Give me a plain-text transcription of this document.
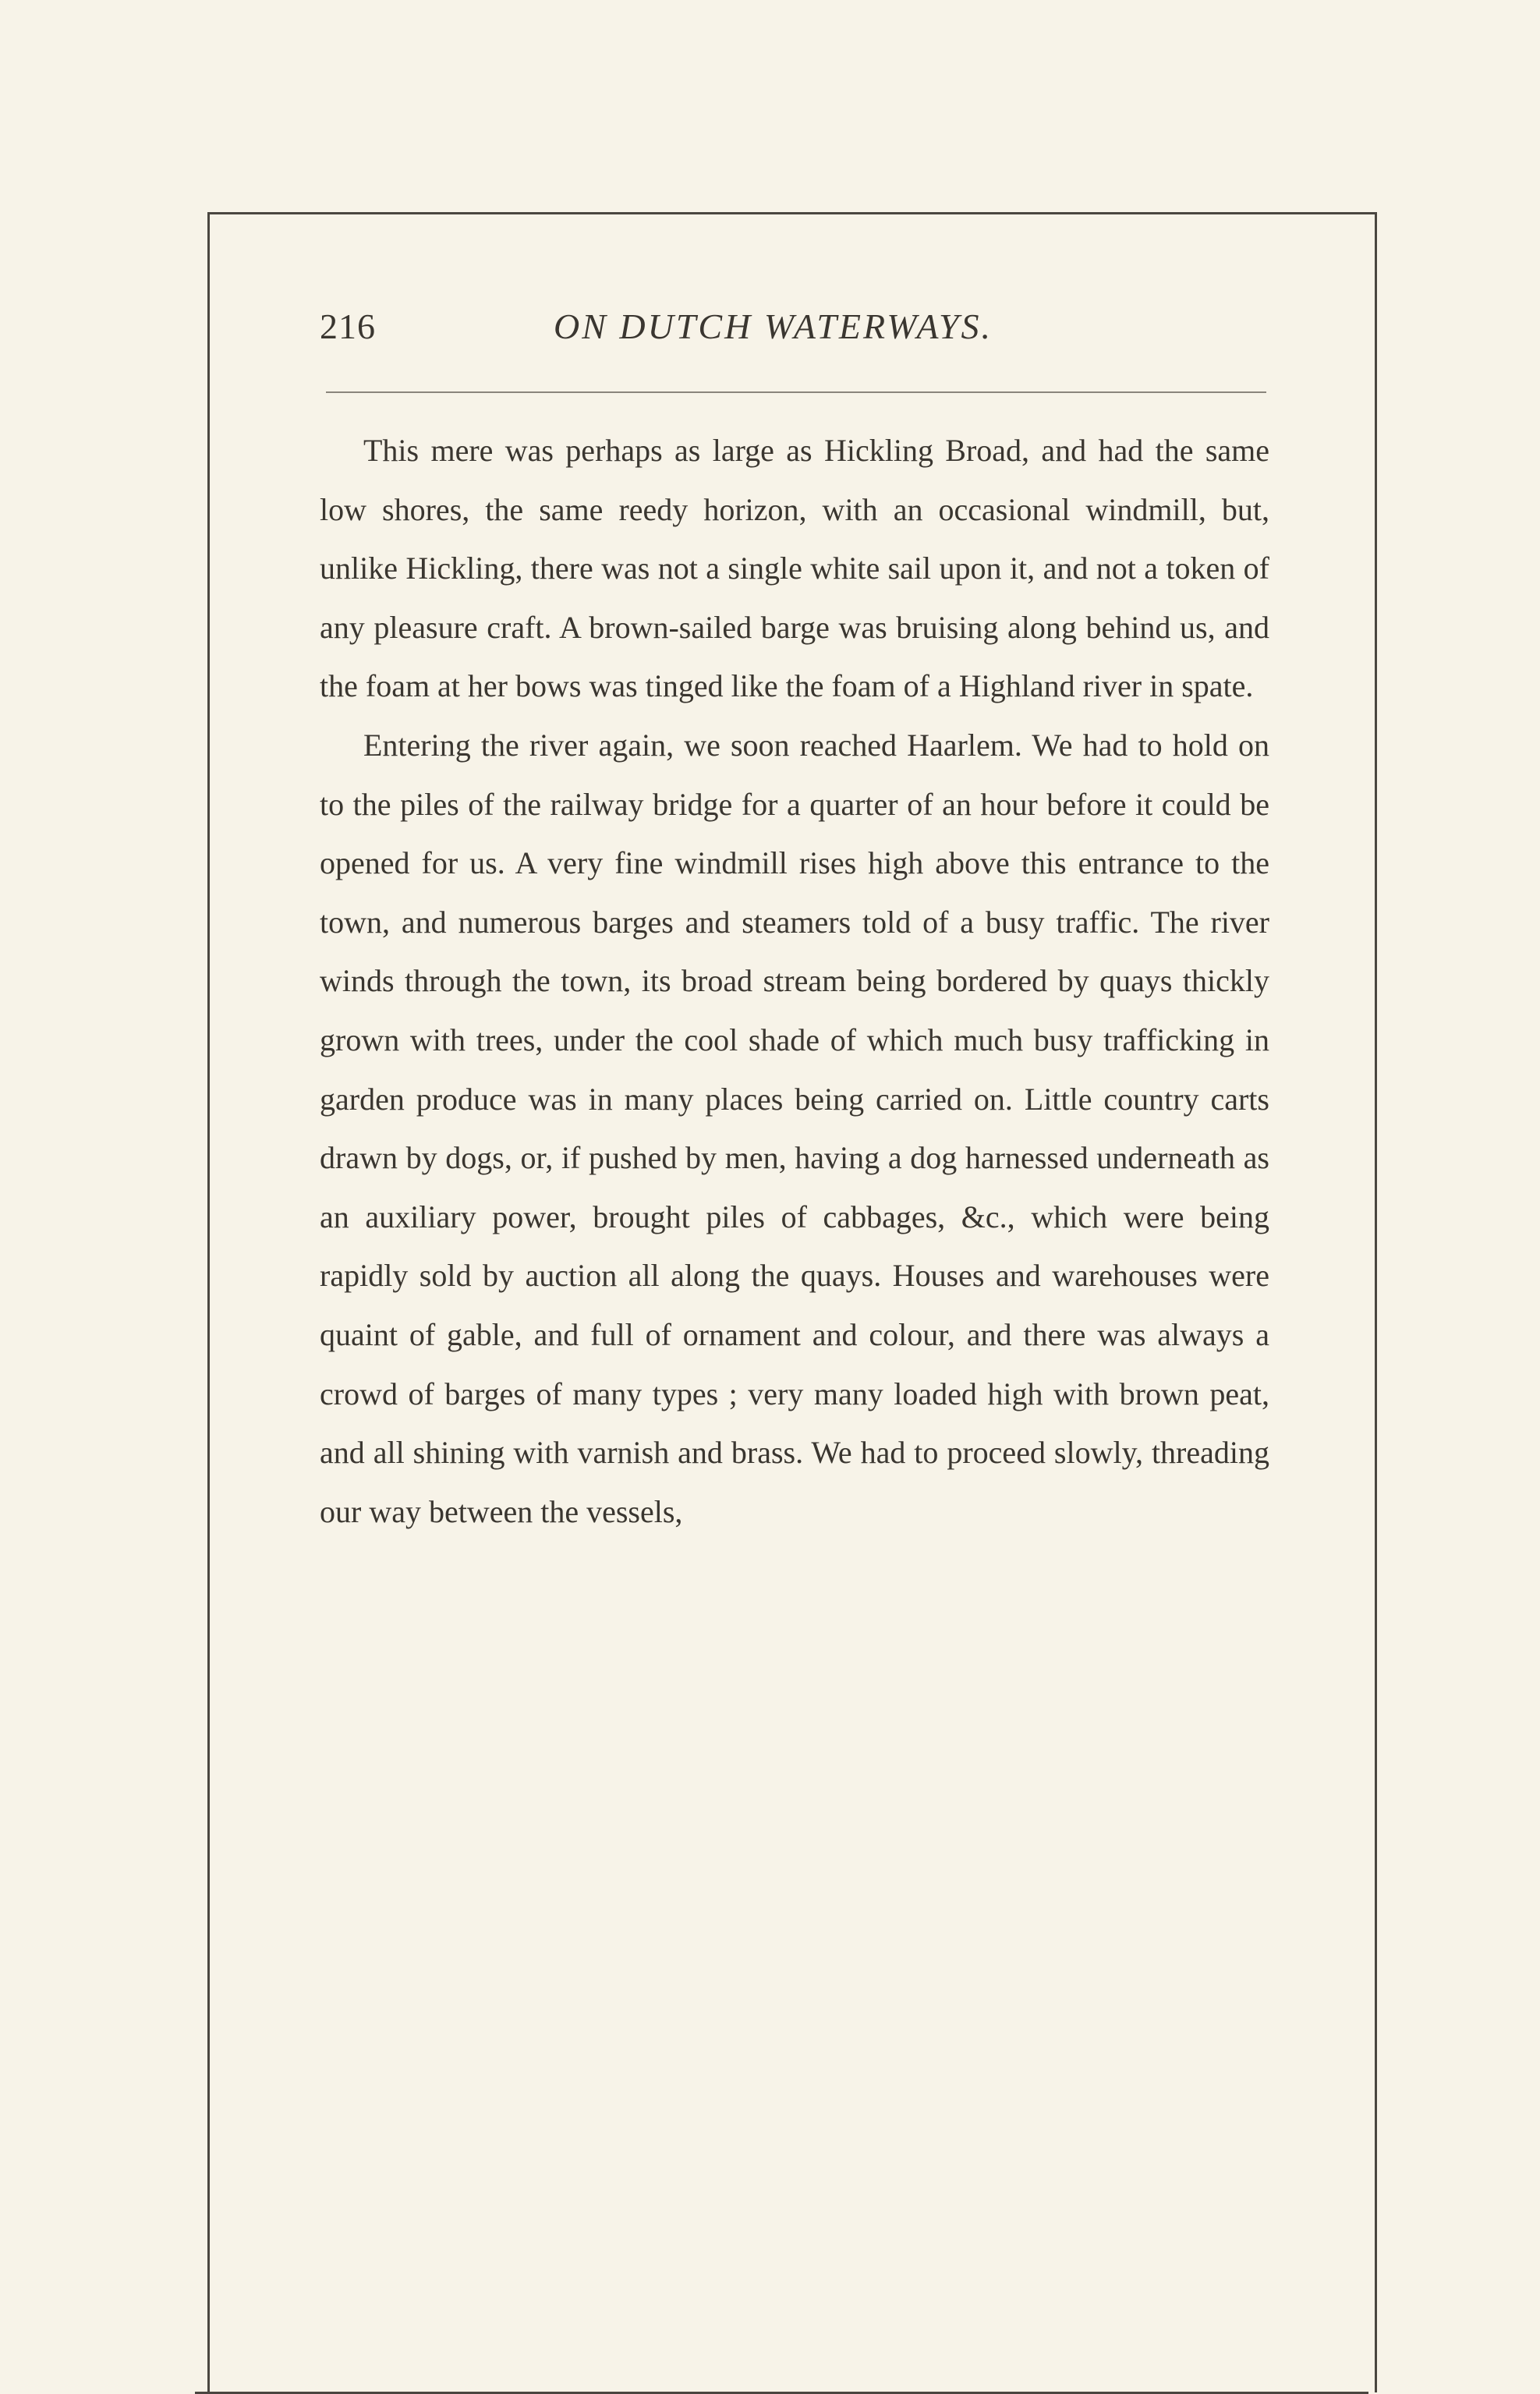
216	ON DUTCH WATERWAYS.

This mere was perhaps as large as Hickling Broad, and had the same low shores, the same reedy horizon, with an occasional windmill, but, unlike Hickling, there was not a single white sail upon it, and not a token of any pleasure craft. A brown-sailed barge was bruising along behind us, and the foam at her bows was tinged like the foam of a Highland river in spate.

Entering the river again, we soon reached Haarlem. We had to hold on to the piles of the railway bridge for a quarter of an hour before it could be opened for us. A very fine windmill rises high above this entrance to the town, and numerous barges and steamers told of a busy traffic. The river winds through the town, its broad stream being bordered by quays thickly grown with trees, under the cool shade of which much busy trafficking in garden produce was in many places being carried on. Little country carts drawn by dogs, or, if pushed by men, having a dog harnessed underneath as an auxiliary power, brought piles of cabbages, &c., which were being rapidly sold by auction all along the quays. Houses and warehouses were quaint of gable, and full of ornament and colour, and there was always a crowd of barges of many types ; very many loaded high with brown peat, and all shining with varnish and brass. We had to proceed slowly, threading our way between the vessels,
